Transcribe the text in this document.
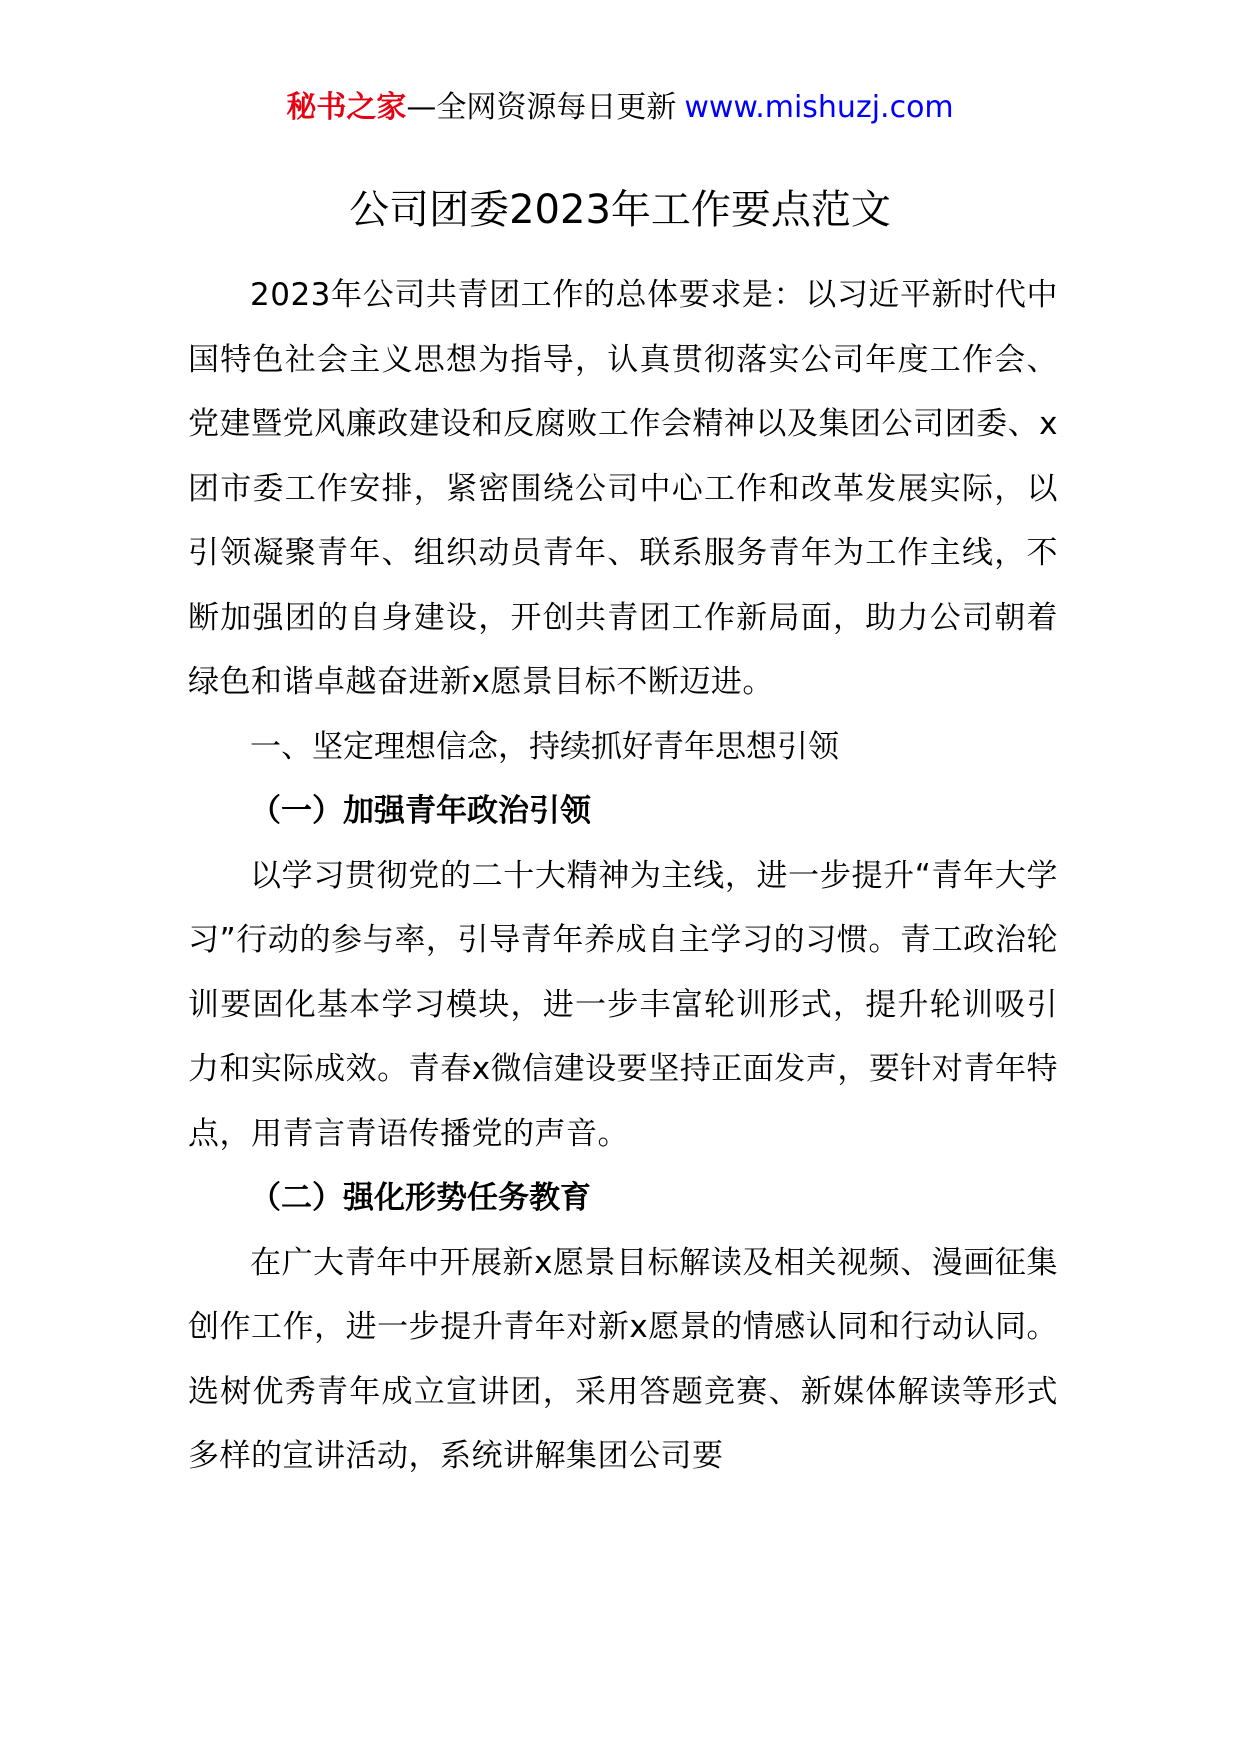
秘书之家—全网资源每日更新 www.mishuzj.com
公司团委2023年工作要点范文

2023年公司共青团工作的总体要求是：以习近平新时代中国特色社会主义思想为指导，认真贯彻落实公司年度工作会、党建暨党风廉政建设和反腐败工作会精神以及集团公司团委、x团市委工作安排，紧密围绕公司中心工作和改革发展实际，以引领凝聚青年、组织动员青年、联系服务青年为工作主线，不断加强团的自身建设，开创共青团工作新局面，助力公司朝着绿色和谐卓越奋进新x愿景目标不断迈进。

一、坚定理想信念，持续抓好青年思想引领

（一）加强青年政治引领

以学习贯彻党的二十大精神为主线，进一步提升“青年大学习”行动的参与率，引导青年养成自主学习的习惯。青工政治轮训要固化基本学习模块，进一步丰富轮训形式，提升轮训吸引力和实际成效。青春x微信建设要坚持正面发声，要针对青年特点，用青言青语传播党的声音。

（二）强化形势任务教育

在广大青年中开展新x愿景目标解读及相关视频、漫画征集创作工作，进一步提升青年对新x愿景的情感认同和行动认同。选树优秀青年成立宣讲团，采用答题竞赛、新媒体解读等形式多样的宣讲活动，系统讲解集团公司要
